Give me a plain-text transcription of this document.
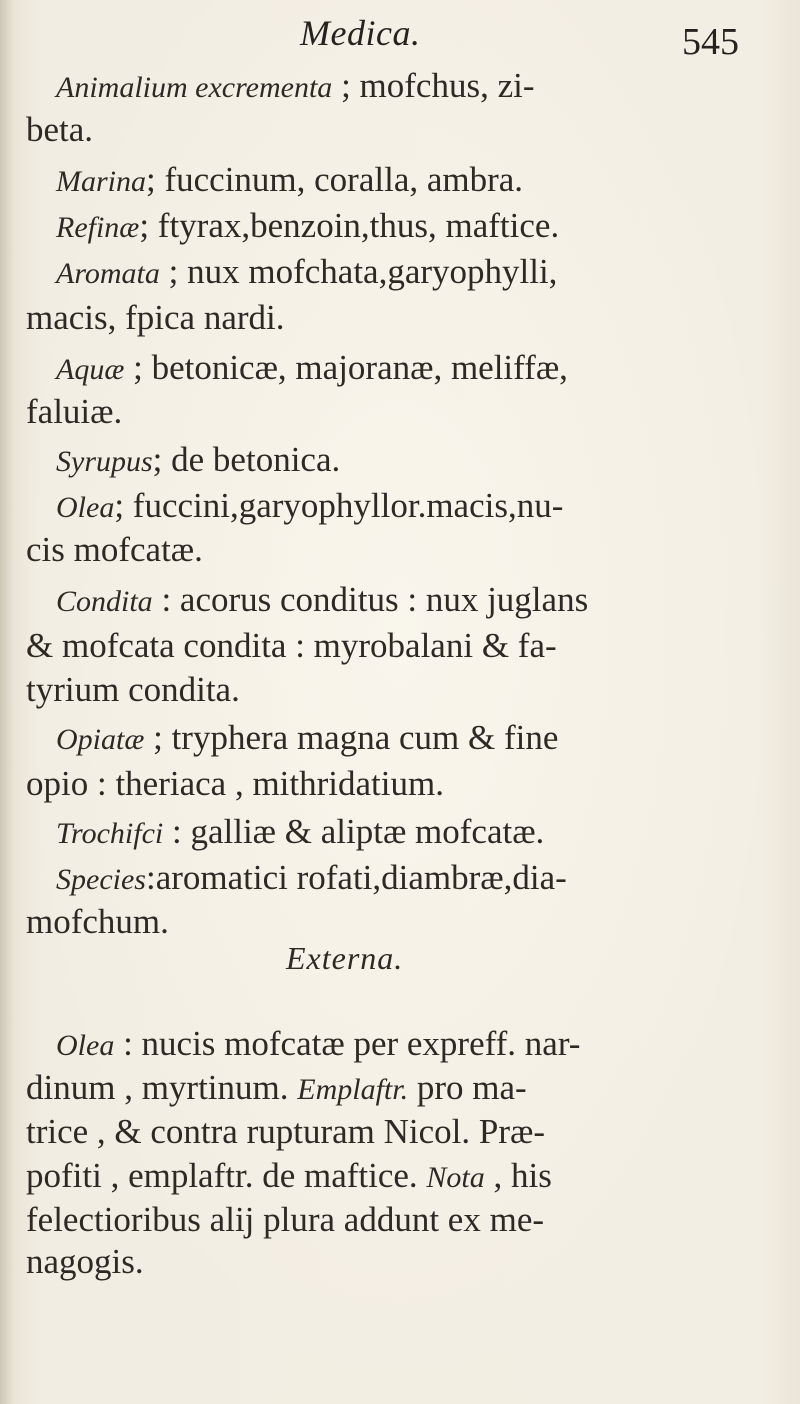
Medica.	545
Animalium excrementa ; mofchus, zi-
beta.
Marina; fuccinum, coralla, ambra.
Refinæ; ftyrax,benzoin,thus, maftice.
Aromata ; nux mofchata,garyophylli,
macis, fpica nardi.
Aquæ ; betonicæ, majoranæ, meliffæ,
faluiæ.
Syrupus; de betonica.
Olea; fuccini,garyophyllor.macis,nu-
cis mofcatæ.
Condita : acorus conditus : nux juglans
& mofcata condita : myrobalani & fa-
tyrium condita.
Opiatæ ; tryphera magna cum & fine
opio : theriaca , mithridatium.
Trochifci : galliæ & aliptæ mofcatæ.
Species:aromatici rofati,diambræ,dia-
mofchum.
Externa.
Olea : nucis mofcatæ per expreff. nar-
dinum , myrtinum. Emplaftr. pro ma-
trice , & contra rupturam Nicol. Præ-
pofiti , emplaftr. de maftice. Nota , his
felectioribus alij plura addunt ex me-
nagogis.
